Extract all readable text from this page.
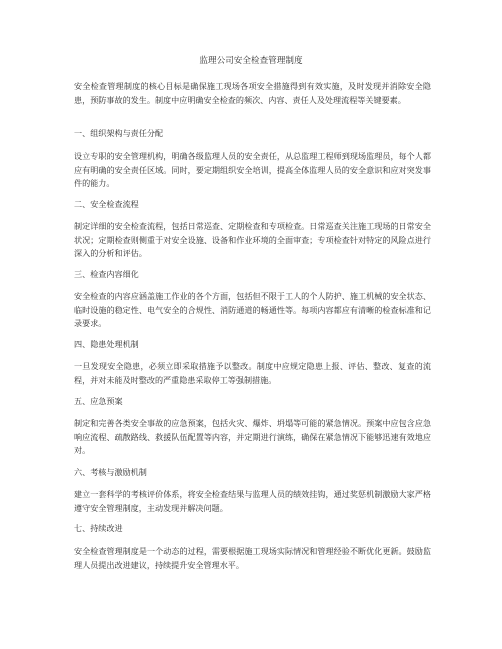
监理公司安全检查管理制度

安全检查管理制度的核心目标是确保施工现场各项安全措施得到有效实施，及时发现并消除安全隐患，预防事故的发生。制度中应明确安全检查的频次、内容、责任人及处理流程等关键要素。

一、组织架构与责任分配

设立专职的安全管理机构，明确各级监理人员的安全责任，从总监理工程师到现场监理员，每个人都应有明确的安全责任区域。同时，要定期组织安全培训，提高全体监理人员的安全意识和应对突发事件的能力。

二、安全检查流程

制定详细的安全检查流程，包括日常巡查、定期检查和专项检查。日常巡查关注施工现场的日常安全状况；定期检查则侧重于对安全设施、设备和作业环境的全面审查；专项检查针对特定的风险点进行深入的分析和评估。

三、检查内容细化

安全检查的内容应涵盖施工作业的各个方面，包括但不限于工人的个人防护、施工机械的安全状态、临时设施的稳定性、电气安全的合规性、消防通道的畅通性等。每项内容都应有清晰的检查标准和记录要求。

四、隐患处理机制

一旦发现安全隐患，必须立即采取措施予以整改。制度中应规定隐患上报、评估、整改、复查的流程，并对未能及时整改的严重隐患采取停工等强制措施。

五、应急预案

制定和完善各类安全事故的应急预案，包括火灾、爆炸、坍塌等可能的紧急情况。预案中应包含应急响应流程、疏散路线、救援队伍配置等内容，并定期进行演练，确保在紧急情况下能够迅速有效地应对。

六、考核与激励机制

建立一套科学的考核评价体系，将安全检查结果与监理人员的绩效挂钩，通过奖惩机制激励大家严格遵守安全管理制度，主动发现并解决问题。

七、持续改进

安全检查管理制度是一个动态的过程，需要根据施工现场实际情况和管理经验不断优化更新。鼓励监理人员提出改进建议，持续提升安全管理水平。
